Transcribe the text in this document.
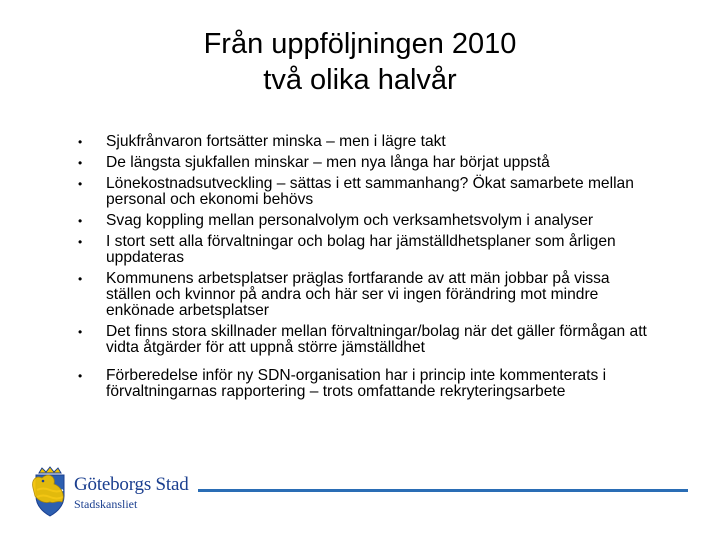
Från uppföljningen 2010
två olika halvår
• Sjukfrånvaron fortsätter minska – men i lägre takt
• De längsta sjukfallen minskar – men nya långa har börjat uppstå
• Lönekostnadsutveckling – sättas i ett sammanhang? Ökat samarbete mellan personal och ekonomi behövs
• Svag koppling mellan personalvolym och verksamhetsvolym i analyser
• I stort sett alla förvaltningar och bolag har jämställdhetsplaner som årligen uppdateras
• Kommunens arbetsplatser präglas fortfarande av att män jobbar på vissa ställen och kvinnor på andra och här ser vi ingen förändring mot mindre enkönade arbetsplatser
• Det finns stora skillnader mellan förvaltningar/bolag när det gäller förmågan att vidta åtgärder för att uppnå större jämställdhet
• Förberedelse inför ny SDN-organisation har i princip inte kommenterats i förvaltningarnas rapportering – trots omfattande rekryteringsarbete
Göteborgs Stad
Stadskansliet
